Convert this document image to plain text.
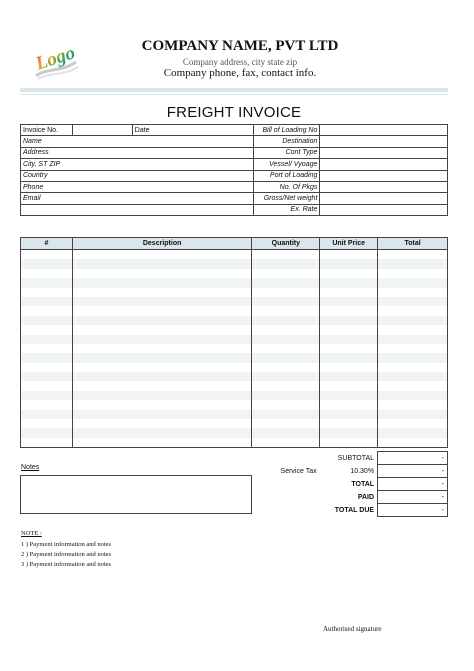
Logo	COMPANY NAME, PVT LTD
Company address, city state zip
Company phone, fax, contact info.
FREIGHT INVOICE
Invoice No.		Date	Bill of Loading No	
Name			Destination	
Address			Cont Type	
City, ST ZIP			Vessel/ Vyoage	
Country			Port of Loading	
Phone			No. Of Pkgs	
Email			Gross/Net weight	
			Ex. Rate	
#	Description	Quantity	Unit Price	Total

		SUBTOTAL	-
	Service Tax	10.30%	-
		TOTAL	-
		PAID	-
		TOTAL DUE	-
Notes
NOTE :
1 ) Payment information and notes
2 ) Payment information and notes
3 ) Payment information and notes
Authorised signature
